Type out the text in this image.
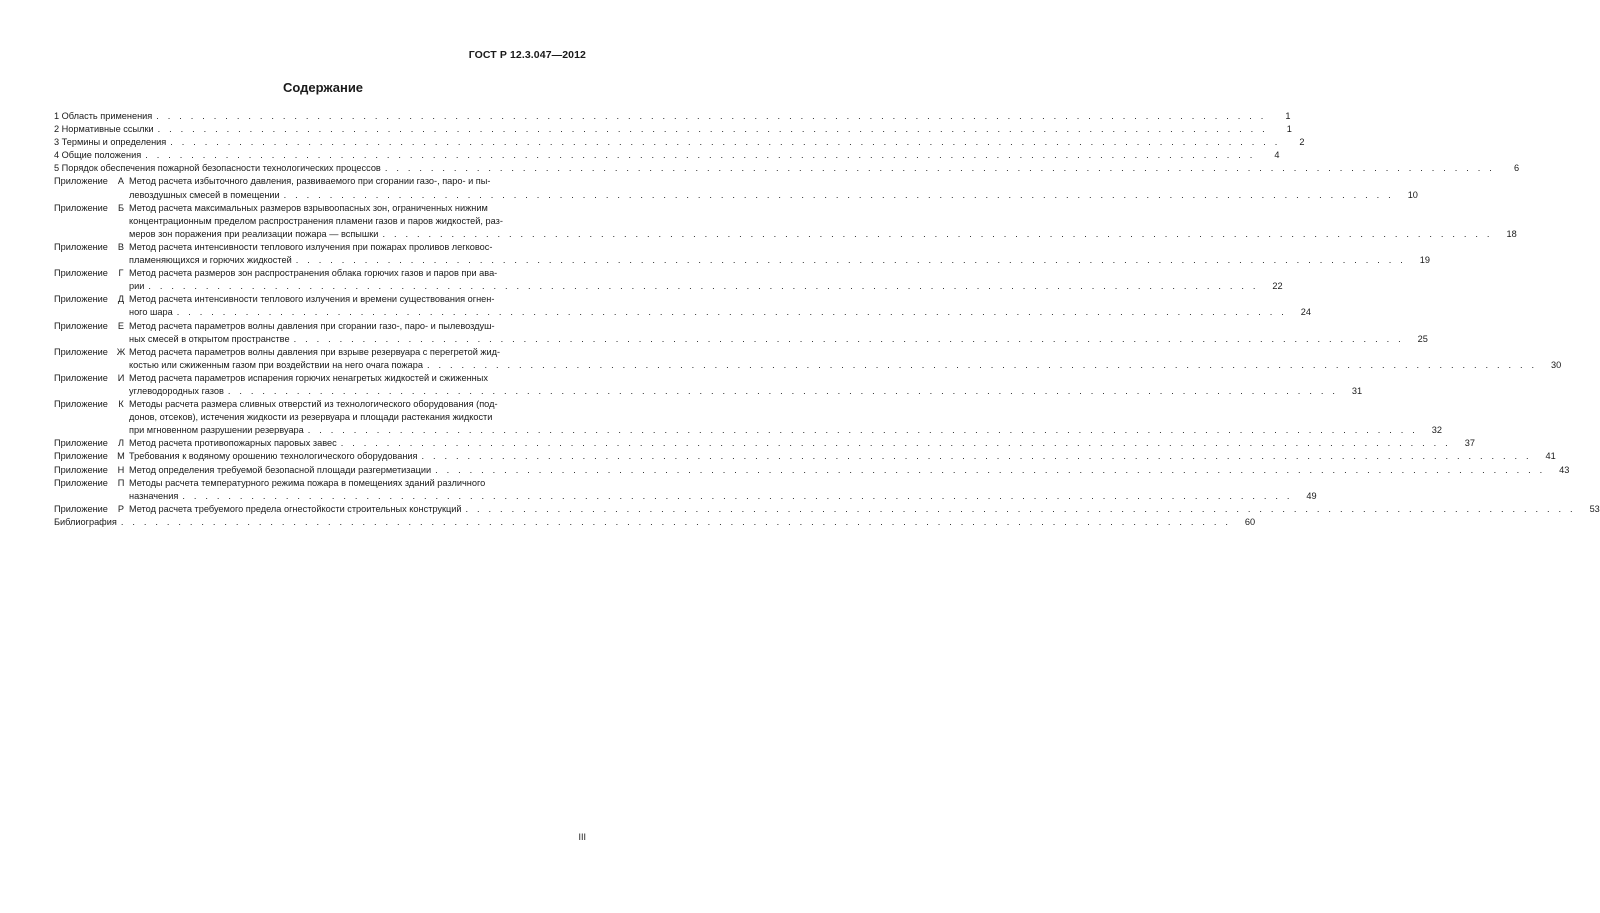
ГОСТ Р 12.3.047—2012
Содержание
1 Область применения . . . . . . . . . . . . . . . . . . . . . . . . . . . . . . . . . . . . . . . . . . . . . . . . . . . . . . . . . . . . . . . . . . . . . . . . . . . . . . . . . . . . . . . . . . . . . . . . .	1
2 Нормативные ссылки . . . . . . . . . . . . . . . . . . . . . . . . . . . . . . . . . . . . . . . . . . . . . . . . . . . . . . . . . . . . . . . . . . . . . . . . . . . . . . . . . . . . . . . . . . . . . . . . .	1
3 Термины и определения . . . . . . . . . . . . . . . . . . . . . . . . . . . . . . . . . . . . . . . . . . . . . . . . . . . . . . . . . . . . . . . . . . . . . . . . . . . . . . . . . . . . . . . . . . . . . . . . .	2
4 Общие положения . . . . . . . . . . . . . . . . . . . . . . . . . . . . . . . . . . . . . . . . . . . . . . . . . . . . . . . . . . . . . . . . . . . . . . . . . . . . . . . . . . . . . . . . . . . . . . . . .	4
5 Порядок обеспечения пожарной безопасности технологических процессов . . . . . . . . . . . . . . . . . . . . . . . . . . . . . . . . . . . . . . . . . . . . . . . . . . . . . . . . . . . . . . . . . . . . . . . . . . . . . . . . . . . . . . . . . . . . . . . . .	6
Приложение А Метод расчета избыточного давления, развиваемого при сгорании газо-, паро- и пы-
левоздушных смесей в помещении . . . . . . . . . . . . . . . . . . . . . . . . . . . . . . . . . . . . . . . . . . . . . . . . . . . . . . . . . . . . . . . . . . . . . . . . . . . . . . . . . . . . . . . . . . . . . . . . .	10
Приложение Б Метод расчета максимальных размеров взрывоопасных зон, ограниченных нижним
концентрационным пределом распространения пламени газов и паров жидкостей, раз-
меров зон поражения при реализации пожара — вспышки . . . . . . . . . . . . . . . . . . . . . . . . . . . . . . . . . . . . . . . . . . . . . . . . . . . . . . . . . . . . . . . . . . . . . . . . . . . . . . . . . . . . . . . . . . . . . . . . .	18
Приложение В Метод расчета интенсивности теплового излучения при пожарах проливов легковос-
пламеняющихся и горючих жидкостей . . . . . . . . . . . . . . . . . . . . . . . . . . . . . . . . . . . . . . . . . . . . . . . . . . . . . . . . . . . . . . . . . . . . . . . . . . . . . . . . . . . . . . . . . . . . . . . . .	19
Приложение Г Метод расчета размеров зон распространения облака горючих газов и паров при ава-
рии . . . . . . . . . . . . . . . . . . . . . . . . . . . . . . . . . . . . . . . . . . . . . . . . . . . . . . . . . . . . . . . . . . . . . . . . . . . . . . . . . . . . . . . . . . . . . . . . .	22
Приложение Д Метод расчета интенсивности теплового излучения и времени существования огнен-
ного шара . . . . . . . . . . . . . . . . . . . . . . . . . . . . . . . . . . . . . . . . . . . . . . . . . . . . . . . . . . . . . . . . . . . . . . . . . . . . . . . . . . . . . . . . . . . . . . . . .	24
Приложение Е Метод расчета параметров волны давления при сгорании газо-, паро- и пылевоздуш-
ных смесей в открытом пространстве . . . . . . . . . . . . . . . . . . . . . . . . . . . . . . . . . . . . . . . . . . . . . . . . . . . . . . . . . . . . . . . . . . . . . . . . . . . . . . . . . . . . . . . . . . . . . . . . .	25
Приложение Ж Метод расчета параметров волны давления при взрыве резервуара с перегретой жид-
костью или сжиженным газом при воздействии на него очага пожара . . . . . . . . . . . . . . . . . . . . . . . . . . . . . . . . . . . . . . . . . . . . . . . . . . . . . . . . . . . . . . . . . . . . . . . . . . . . . . . . . . . . . . . . . . . . . . . . .	30
Приложение И Метод расчета параметров испарения горючих ненагретых жидкостей и сжиженных
углеводородных газов . . . . . . . . . . . . . . . . . . . . . . . . . . . . . . . . . . . . . . . . . . . . . . . . . . . . . . . . . . . . . . . . . . . . . . . . . . . . . . . . . . . . . . . . . . . . . . . . .	31
Приложение К Методы расчета размера сливных отверстий из технологического оборудования (под-
донов, отсеков), истечения жидкости из резервуара и площади растекания жидкости
при мгновенном разрушении резервуара . . . . . . . . . . . . . . . . . . . . . . . . . . . . . . . . . . . . . . . . . . . . . . . . . . . . . . . . . . . . . . . . . . . . . . . . . . . . . . . . . . . . . . . . . . . . . . . . .	32
Приложение Л Метод расчета противопожарных паровых завес . . . . . . . . . . . . . . . . . . . . . . . . . . . . . . . . . . . . . . . . . . . . . . . . . . . . . . . . . . . . . . . . . . . . . . . . . . . . . . . . . . . . . . . . . . . . . . . . .	37
Приложение М Требования к водяному орошению технологического оборудования . . . . . . . . . . . . . . . . . . . . . . . . . . . . . . . . . . . . . . . . . . . . . . . . . . . . . . . . . . . . . . . . . . . . . . . . . . . . . . . . . . . . . . . . . . . . . . . . .	41
Приложение Н Метод определения требуемой безопасной площади разгерметизации . . . . . . . . . . . . . . . . . . . . . . . . . . . . . . . . . . . . . . . . . . . . . . . . . . . . . . . . . . . . . . . . . . . . . . . . . . . . . . . . . . . . . . . . . . . . . . . . .	43
Приложение П Методы расчета температурного режима пожара в помещениях зданий различного
назначения . . . . . . . . . . . . . . . . . . . . . . . . . . . . . . . . . . . . . . . . . . . . . . . . . . . . . . . . . . . . . . . . . . . . . . . . . . . . . . . . . . . . . . . . . . . . . . . . .	49
Приложение Р Метод расчета требуемого предела огнестойкости строительных конструкций . . . . . . . . . . . . . . . . . . . . . . . . . . . . . . . . . . . . . . . . . . . . . . . . . . . . . . . . . . . . . . . . . . . . . . . . . . . . . . . . . . . . . . . . . . . . . . . . .	53
Библиография . . . . . . . . . . . . . . . . . . . . . . . . . . . . . . . . . . . . . . . . . . . . . . . . . . . . . . . . . . . . . . . . . . . . . . . . . . . . . . . . . . . . . . . . . . . . . . . . .	60
III
